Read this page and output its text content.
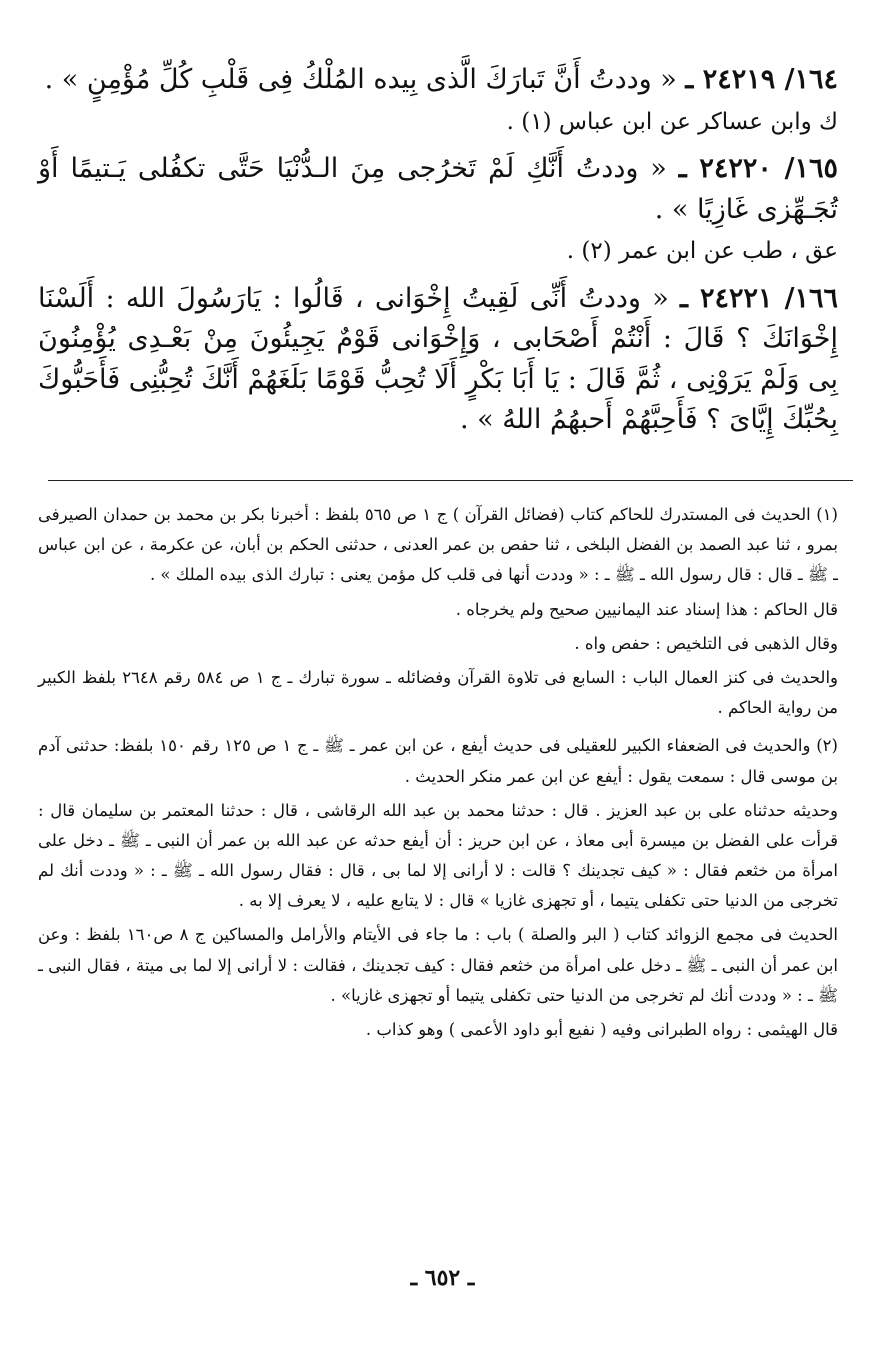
١٦٤/ ٢٤٢١٩ ـ « وددتُ أَنَّ تَبارَكَ الَّذى بِيده المُلْكُ فِى قَلْبِ كُلِّ مُؤْمِنٍ » .

ك وابن عساكر عن ابن عباس (١) .

١٦٥/ ٢٤٢٢٠ ـ « وددتُ أَنَّكِ لَمْ تَخرُجى مِنَ الـدُّنْيَا حَتَّى تكفُلى يَـتيمًا أَوْ تُجَـهِّزى غَازِيًا » .

عق ، طب عن ابن عمر (٢) .

١٦٦/ ٢٤٢٢١ ـ « وددتُ أَنِّى لَقِيتُ إِخْوَانى ، قَالُوا : يَارَسُولَ الله : أَلَسْنَا إِخْوَانَكَ ؟ قَالَ : أَنْتُمْ أَصْحَابى ، وَإِخْوَانى قَوْمٌ يَجِيئُونَ مِنْ بَعْـدِى يُؤْمِنُونَ بِى وَلَمْ يَرَوْنِى ، ثُمَّ قَالَ : يَا أَبَا بَكْرٍ أَلَا تُحِبُّ قَوْمًا بَلَغَهُمْ أَنَّكَ تُحِبُّنِى فَأَحَبُّوكَ بِحُبِّكَ إِيَّاىَ ؟ فَأَحِبَّهُمْ أَحبهُمُ اللهُ » .

(١) الحديث فى المستدرك للحاكم كتاب (فضائل القرآن ) ج ١ ص ٥٦٥ بلفظ : أخبرنا بكر بن محمد بن حمدان الصيرفى بمرو ، ثنا عبد الصمد بن الفضل البلخى ، ثنا حفص بن عمر العدنى ، حدثنى الحكم بن أبان، عن عكرمة ، عن ابن عباس ـ ﷺ ـ قال : قال رسول الله ـ ﷺ ـ : « وددت أنها فى قلب كل مؤمن يعنى : تبارك الذى بيده الملك » .

قال الحاكم : هذا إسناد عند اليمانيين صحيح ولم يخرجاه .

وقال الذهبى فى التلخيص : حفص واه .

والحديث فى كنز العمال الباب : السابع فى تلاوة القرآن وفضائله ـ سورة تبارك ـ ج ١ ص ٥٨٤ رقم ٢٦٤٨ بلفظ الكبير من رواية الحاكم .

(٢) والحديث فى الضعفاء الكبير للعقيلى فى حديث أيفع ، عن ابن عمر ـ ﷺ ـ ج ١ ص ١٢٥ رقم ١٥٠ بلفظ: حدثنى آدم بن موسى قال : سمعت يقول : أيفع عن ابن عمر منكر الحديث .

وحديثه حدثناه على بن عبد العزيز . قال : حدثنا محمد بن عبد الله الرقاشى ، قال : حدثنا المعتمر بن سليمان قال : قرأت على الفضل بن ميسرة أبى معاذ ، عن ابن حريز : أن أيفع حدثه عن عبد الله بن عمر أن النبى ـ ﷺ ـ دخل على امرأة من خثعم فقال : « كيف تجدينك ؟ قالت : لا أرانى إلا لما بى ، قال : فقال رسول الله ـ ﷺ ـ : « وددت أنك لم تخرجى من الدنيا حتى تكفلى يتيما ، أو تجهزى غازيا » قال : لا يتابع عليه ، لا يعرف إلا به .

الحديث فى مجمع الزوائد كتاب ( البر والصلة ) باب : ما جاء فى الأيتام والأرامل والمساكين ج ٨ ص١٦٠ بلفظ : وعن ابن عمر أن النبى ـ ﷺ ـ دخل على امرأة من خثعم فقال : كيف تجدينك ، فقالت : لا أرانى إلا لما بى ميتة ، فقال النبى ـ ﷺ ـ : « وددت أنك لم تخرجى من الدنيا حتى تكفلى يتيما أو تجهزى غازيا» .

قال الهيثمى : رواه الطبرانى وفيه ( نفيع أبو داود الأعمى ) وهو كذاب .

ـ ٦٥٢ ـ
